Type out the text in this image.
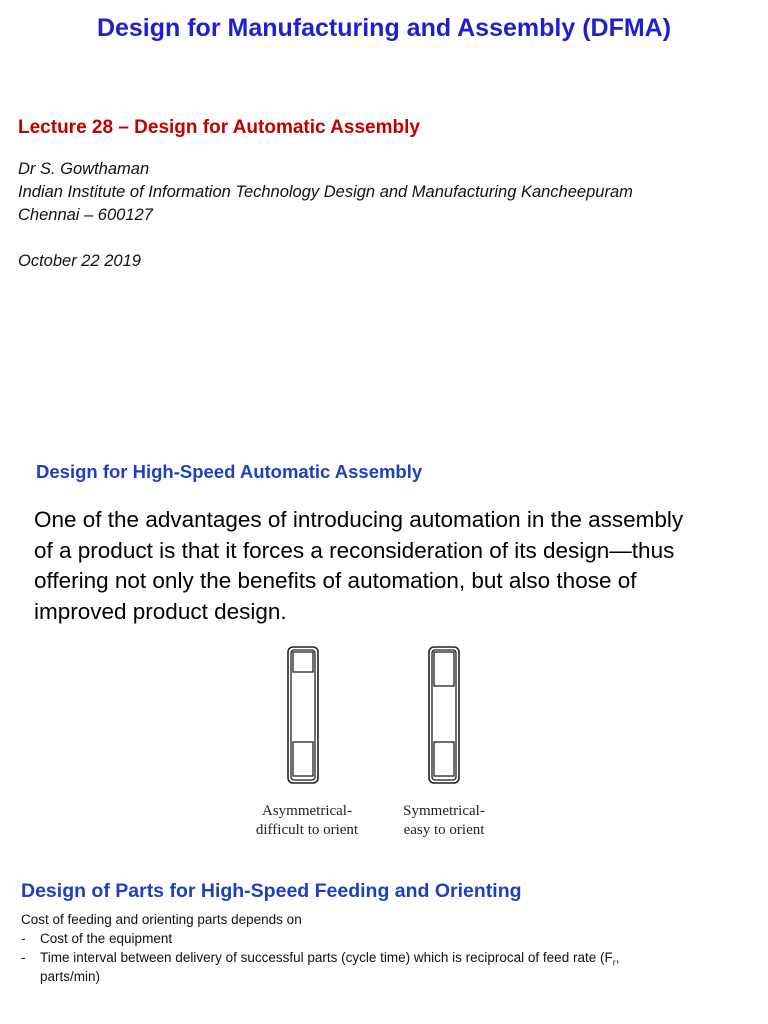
Design for Manufacturing and Assembly (DFMA)
Lecture 28 – Design for Automatic Assembly
Dr S. Gowthaman
Indian Institute of Information Technology Design and Manufacturing Kancheepuram
Chennai – 600127
October 22 2019
Design for High-Speed Automatic Assembly
One of the advantages of introducing automation in the assembly
of a product is that it forces a reconsideration of its design—thus
offering not only the benefits of automation, but also those of
improved product design.
Asymmetrical-
difficult to orient
Symmetrical-
easy to orient
Design of Parts for High-Speed Feeding and Orienting
Cost of feeding and orienting parts depends on
- Cost of the equipment
- Time interval between delivery of successful parts (cycle time) which is reciprocal of feed rate ($F_r$,
parts/min)
